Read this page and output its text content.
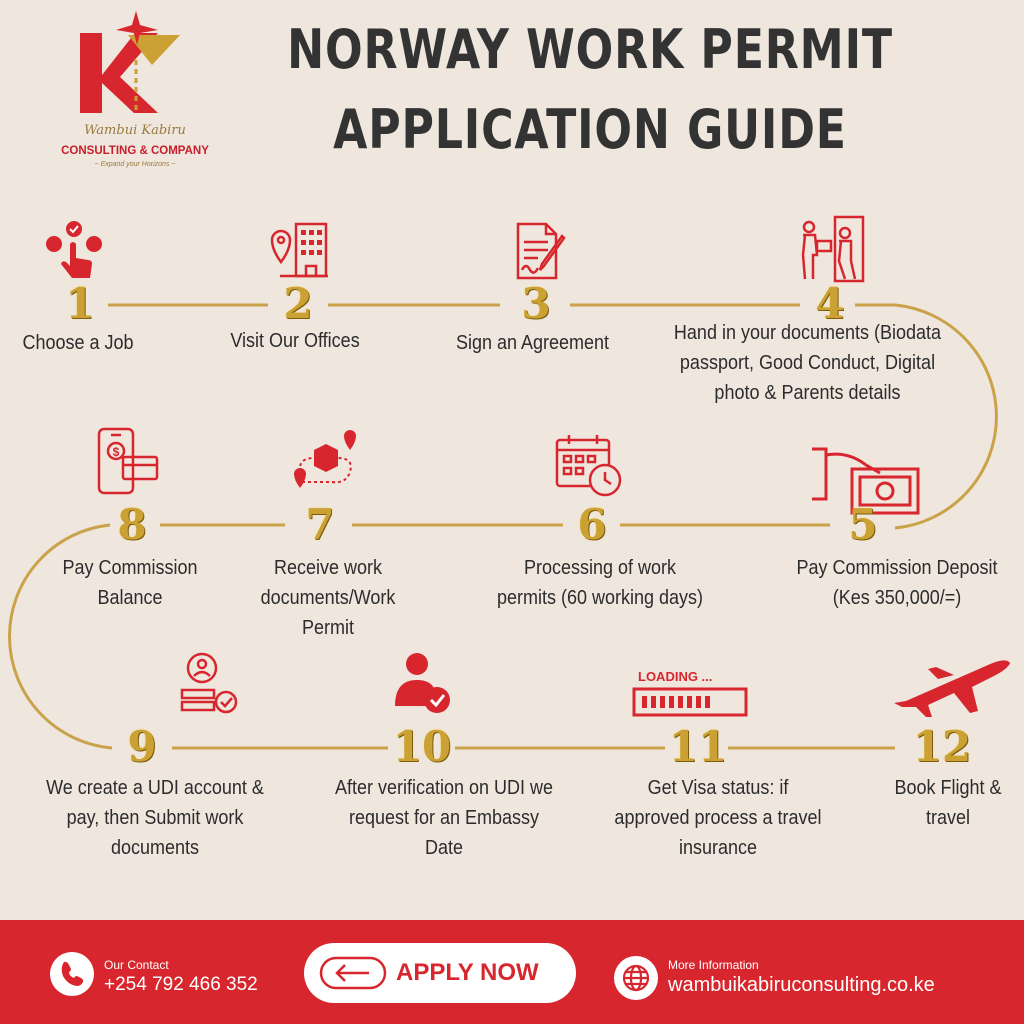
Wambui Kabiru
CONSULTING & COMPANY
~ Expand your Horizons ~
NORWAY WORK PERMIT
APPLICATION GUIDE
$
LOADING ...
1	2	3	4
5
6
7
8
9	10	11	12
Choose a Job	Visit Our Offices	Sign an Agreement	Hand in your documents (Biodata
passport, Good Conduct, Digital
photo & Parents details
Pay Commission Deposit
(Kes 350,000/=)
Processing of work
permits (60 working days)
Receive work
documents/Work
Permit
Pay Commission
Balance
We create a UDI account &
pay, then Submit work
documents
After verification on UDI we
request for an Embassy
Date
Get Visa status: if
approved process a travel
insurance
Book Flight &
travel
Our Contact
+254 792 466 352
More Information
wambuikabiruconsulting.co.ke
APPLY NOW
